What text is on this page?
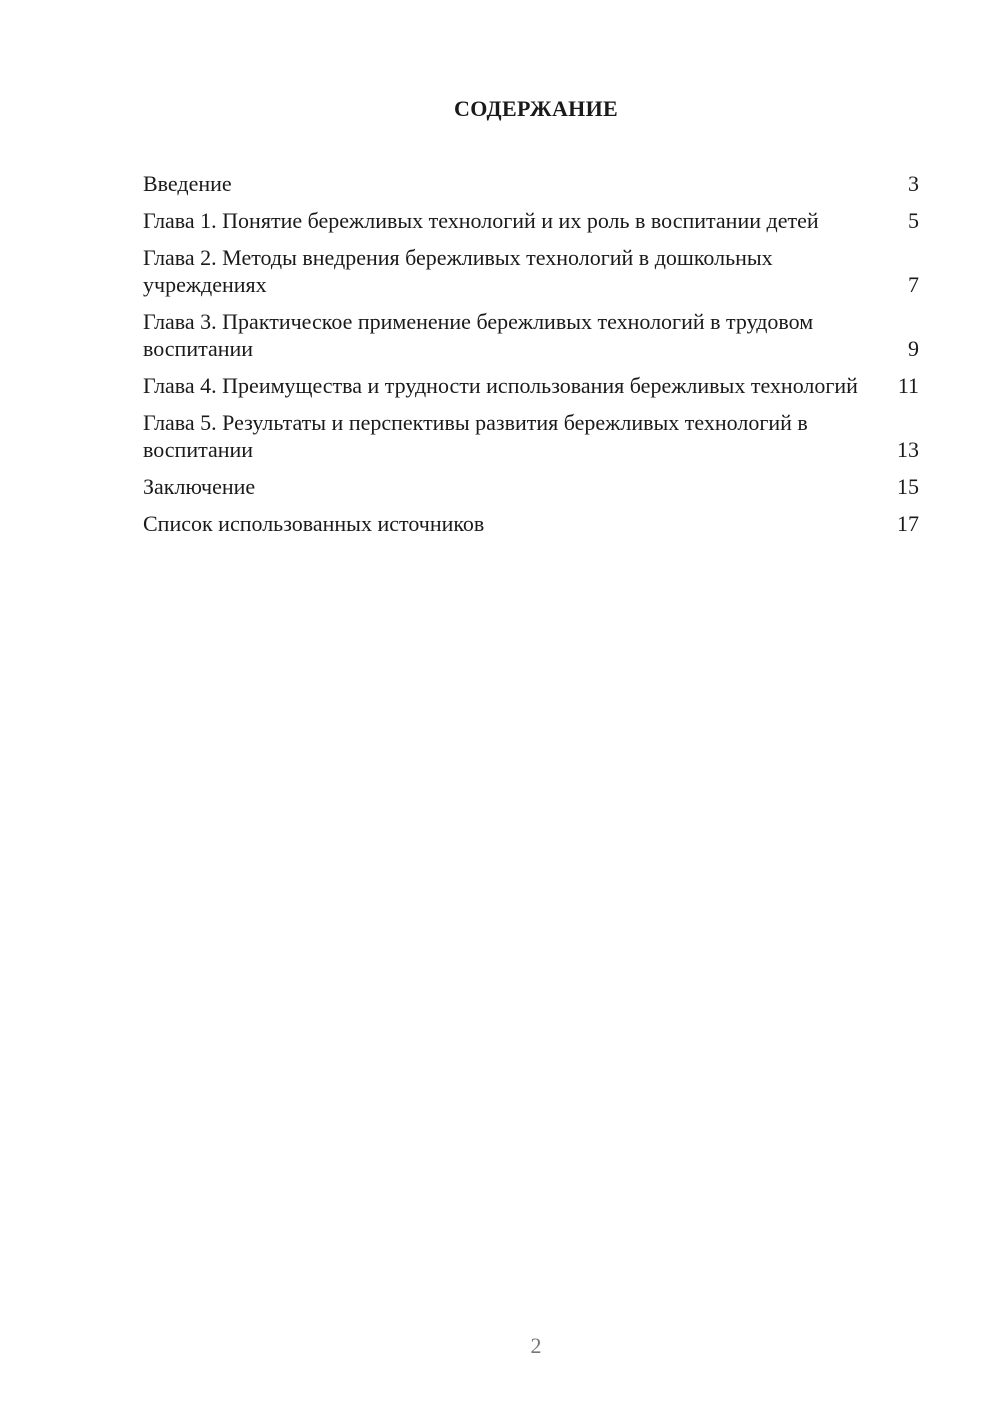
СОДЕРЖАНИЕ
Введение	3
Глава 1. Понятие бережливых технологий и их роль в воспитании детей	5
Глава 2. Методы внедрения бережливых технологий в дошкольных учреждениях	7
Глава 3. Практическое применение бережливых технологий в трудовом воспитании	9
Глава 4. Преимущества и трудности использования бережливых технологий 11
Глава 5. Результаты и перспективы развития бережливых технологий в воспитании	13
Заключение	15
Список использованных источников	17
2
